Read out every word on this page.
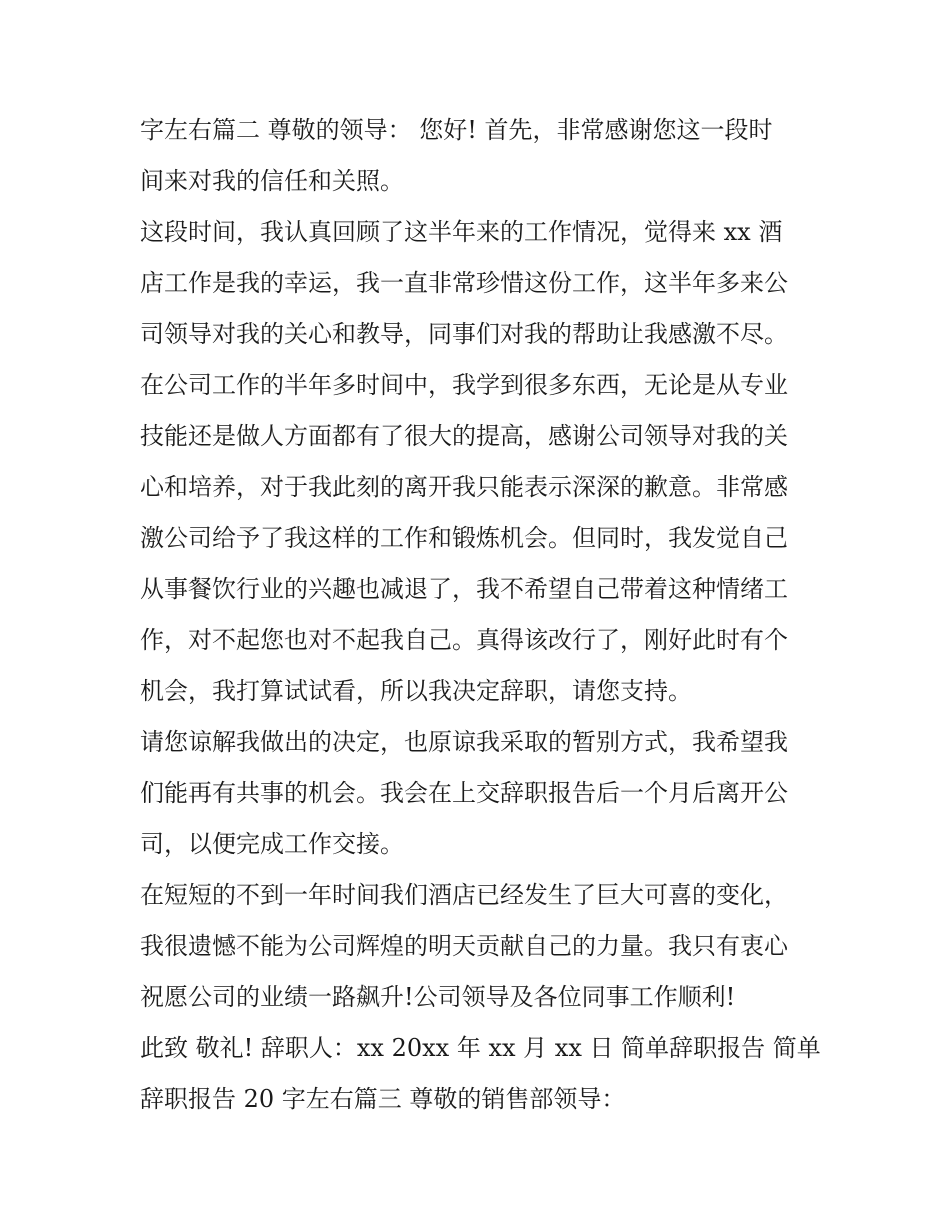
字左右篇二 尊敬的领导： 您好! 首先，非常感谢您这一段时

间来对我的信任和关照。

这段时间，我认真回顾了这半年来的工作情况，觉得来 xx 酒

店工作是我的幸运，我一直非常珍惜这份工作，这半年多来公

司领导对我的关心和教导，同事们对我的帮助让我感激不尽。

在公司工作的半年多时间中，我学到很多东西，无论是从专业

技能还是做人方面都有了很大的提高，感谢公司领导对我的关

心和培养，对于我此刻的离开我只能表示深深的歉意。非常感

激公司给予了我这样的工作和锻炼机会。但同时，我发觉自己

从事餐饮行业的兴趣也减退了，我不希望自己带着这种情绪工

作，对不起您也对不起我自己。真得该改行了，刚好此时有个

机会，我打算试试看，所以我决定辞职，请您支持。

请您谅解我做出的决定，也原谅我采取的暂别方式，我希望我

们能再有共事的机会。我会在上交辞职报告后一个月后离开公

司，以便完成工作交接。

在短短的不到一年时间我们酒店已经发生了巨大可喜的变化，

我很遗憾不能为公司辉煌的明天贡献自己的力量。我只有衷心

祝愿公司的业绩一路飙升!公司领导及各位同事工作顺利!

此致 敬礼! 辞职人：xx 20xx 年 xx 月 xx 日 简单辞职报告 简单

辞职报告 20 字左右篇三 尊敬的销售部领导：
